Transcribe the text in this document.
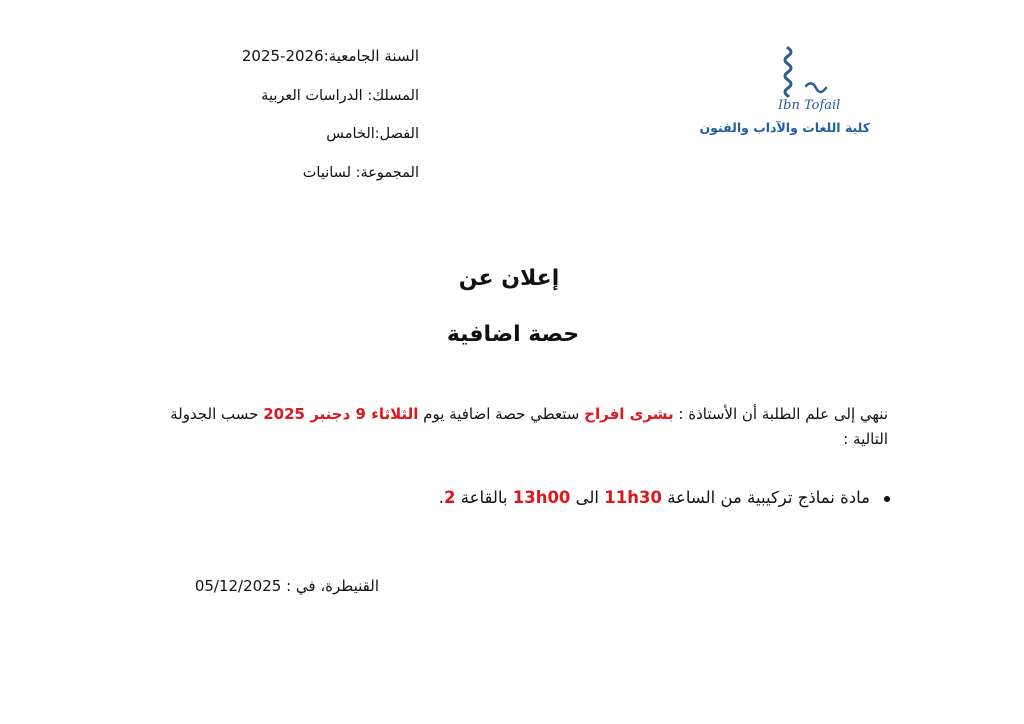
السنة الجامعية:2026-2025
المسلك: الدراسات العربية
الفصل:الخامس
المجموعة: لسانيات
Ibn Tofail
كلية اللغات والآداب والفنون
إعلان عن
حصة اضافية
ننهي إلى علم الطلبة أن الأستاذة : بشرى افراح ستعطي حصة اضافية يوم الثلاثاء 9 دجنبر 2025 حسب الجدولة التالية :
مادة نماذج تركيبية من الساعة 11h30 الى 13h00 بالقاعة 2.
القنيطرة، في : 05/12/2025
